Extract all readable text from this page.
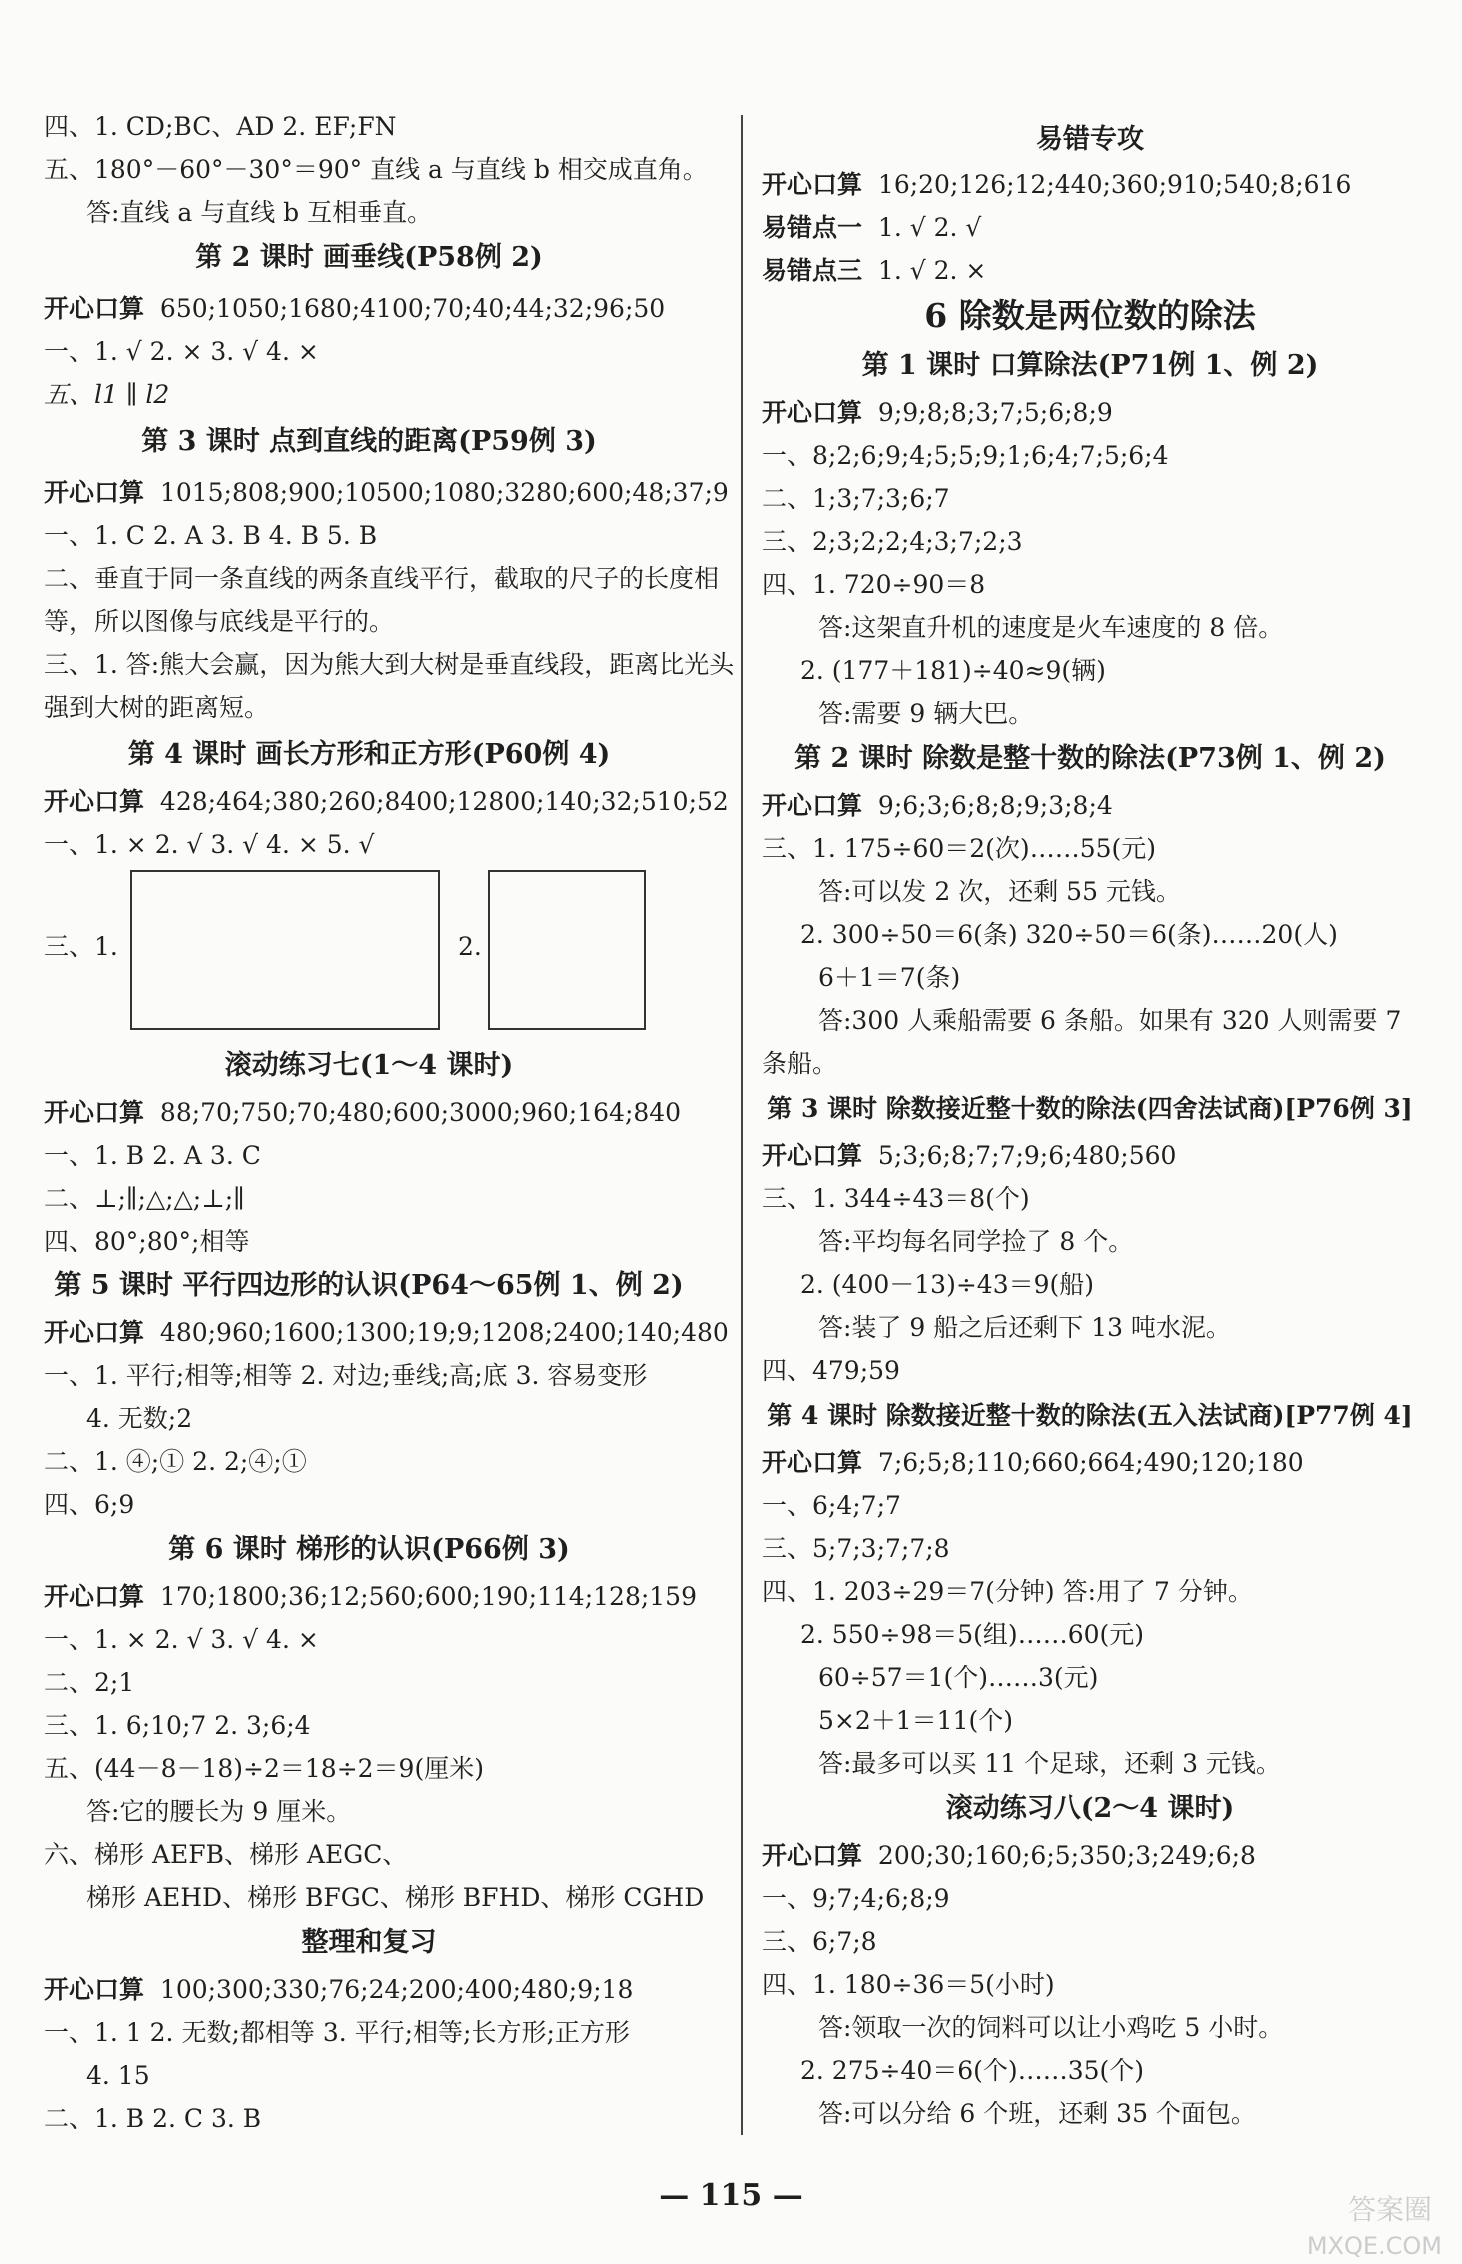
四、1. CD;BC、AD 2. EF;FN
五、180°－60°－30°＝90° 直线 a 与直线 b 相交成直角。
答:直线 a 与直线 b 互相垂直。
第 2 课时 画垂线(P58例 2)
开心口算 650;1050;1680;4100;70;40;44;32;96;50
一、1. √ 2. × 3. √ 4. ×
五、l1 ∥ l2
第 3 课时 点到直线的距离(P59例 3)
开心口算 1015;808;900;10500;1080;3280;600;48;37;9
一、1. C 2. A 3. B 4. B 5. B
二、垂直于同一条直线的两条直线平行，截取的尺子的长度相
等，所以图像与底线是平行的。
三、1. 答:熊大会赢，因为熊大到大树是垂直线段，距离比光头
强到大树的距离短。
第 4 课时 画长方形和正方形(P60例 4)
开心口算 428;464;380;260;8400;12800;140;32;510;52
一、1. × 2. √ 3. √ 4. × 5. √
三、1.	2.
滚动练习七(1～4 课时)
开心口算 88;70;750;70;480;600;3000;960;164;840
一、1. B 2. A 3. C
二、⊥;∥;△;△;⊥;∥
四、80°;80°;相等
第 5 课时 平行四边形的认识(P64～65例 1、例 2)
开心口算 480;960;1600;1300;19;9;1208;2400;140;480
一、1. 平行;相等;相等 2. 对边;垂线;高;底 3. 容易变形
4. 无数;2
二、1. ④;① 2. 2;④;①
四、6;9
第 6 课时 梯形的认识(P66例 3)
开心口算 170;1800;36;12;560;600;190;114;128;159
一、1. × 2. √ 3. √ 4. ×
二、2;1
三、1. 6;10;7 2. 3;6;4
五、(44－8－18)÷2＝18÷2＝9(厘米)
答:它的腰长为 9 厘米。
六、梯形 AEFB、梯形 AEGC、
梯形 AEHD、梯形 BFGC、梯形 BFHD、梯形 CGHD
整理和复习
开心口算 100;300;330;76;24;200;400;480;9;18
一、1. 1 2. 无数;都相等 3. 平行;相等;长方形;正方形
4. 15
二、1. B 2. C 3. B
易错专攻
开心口算 16;20;126;12;440;360;910;540;8;616
易错点一 1. √ 2. √
易错点三 1. √ 2. ×
6 除数是两位数的除法
第 1 课时 口算除法(P71例 1、例 2)
开心口算 9;9;8;8;3;7;5;6;8;9
一、8;2;6;9;4;5;5;9;1;6;4;7;5;6;4
二、1;3;7;3;6;7
三、2;3;2;2;4;3;7;2;3
四、1. 720÷90＝8
答:这架直升机的速度是火车速度的 8 倍。
2. (177＋181)÷40≈9(辆)
答:需要 9 辆大巴。
第 2 课时 除数是整十数的除法(P73例 1、例 2)
开心口算 9;6;3;6;8;8;9;3;8;4
三、1. 175÷60＝2(次)……55(元)
答:可以发 2 次，还剩 55 元钱。
2. 300÷50＝6(条) 320÷50＝6(条)……20(人)
6＋1＝7(条)
答:300 人乘船需要 6 条船。如果有 320 人则需要 7
条船。
第 3 课时 除数接近整十数的除法(四舍法试商)[P76例 3]
开心口算 5;3;6;8;7;7;9;6;480;560
三、1. 344÷43＝8(个)
答:平均每名同学捡了 8 个。
2. (400－13)÷43＝9(船)
答:装了 9 船之后还剩下 13 吨水泥。
四、479;59
第 4 课时 除数接近整十数的除法(五入法试商)[P77例 4]
开心口算 7;6;5;8;110;660;664;490;120;180
一、6;4;7;7
三、5;7;3;7;7;8
四、1. 203÷29＝7(分钟) 答:用了 7 分钟。
2. 550÷98＝5(组)……60(元)
60÷57＝1(个)……3(元)
5×2＋1＝11(个)
答:最多可以买 11 个足球，还剩 3 元钱。
滚动练习八(2～4 课时)
开心口算 200;30;160;6;5;350;3;249;6;8
一、9;7;4;6;8;9
三、6;7;8
四、1. 180÷36＝5(小时)
答:领取一次的饲料可以让小鸡吃 5 小时。
2. 275÷40＝6(个)……35(个)
答:可以分给 6 个班，还剩 35 个面包。
— 115 —	答案圈
MXQE.COM
